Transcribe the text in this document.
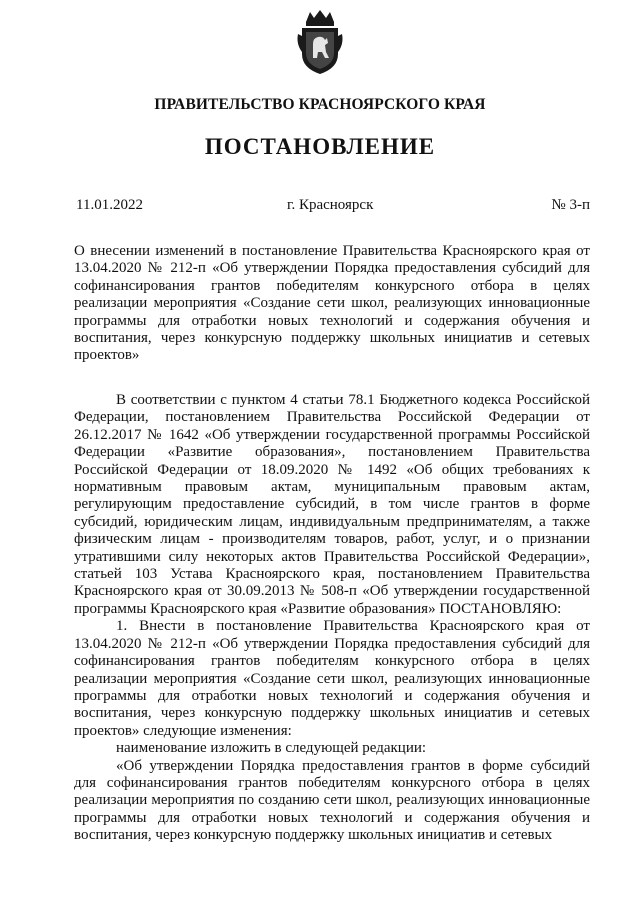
ПРАВИТЕЛЬСТВО КРАСНОЯРСКОГО КРАЯ
ПОСТАНОВЛЕНИЕ
11.01.2022	г. Красноярск	№ 3-п
О внесении изменений в постановление Правительства Красноярского края от 13.04.2020 № 212-п «Об утверждении Порядка предоставления субсидий для софинансирования грантов победителям конкурсного отбора в целях реализации мероприятия «Создание сети школ, реализующих инновационные программы для отработки новых технологий и содержания обучения и воспитания, через конкурсную поддержку школьных инициатив и сетевых проектов»

В соответствии с пунктом 4 статьи 78.1 Бюджетного кодекса Российской Федерации, постановлением Правительства Российской Федерации от 26.12.2017 № 1642 «Об утверждении государственной программы Российской Федерации «Развитие образования», постановлением Правительства Российской Федерации от 18.09.2020 № 1492 «Об общих требованиях к нормативным правовым актам, муниципальным правовым актам, регулирующим предоставление субсидий, в том числе грантов в форме субсидий, юридическим лицам, индивидуальным предпринимателям, а также физическим лицам - производителям товаров, работ, услуг, и о признании утратившими силу некоторых актов Правительства Российской Федерации», статьей 103 Устава Красноярского края, постановлением Правительства Красноярского края от 30.09.2013 № 508-п «Об утверждении государственной программы Красноярского края «Развитие образования» ПОСТАНОВЛЯЮ:

1. Внести в постановление Правительства Красноярского края от 13.04.2020 № 212-п «Об утверждении Порядка предоставления субсидий для софинансирования грантов победителям конкурсного отбора в целях реализации мероприятия «Создание сети школ, реализующих инновационные программы для отработки новых технологий и содержания обучения и воспитания, через конкурсную поддержку школьных инициатив и сетевых проектов» следующие изменения:

наименование изложить в следующей редакции:

«Об утверждении Порядка предоставления грантов в форме субсидий для софинансирования грантов победителям конкурсного отбора в целях реализации мероприятия по созданию сети школ, реализующих инновационные программы для отработки новых технологий и содержания обучения и воспитания, через конкурсную поддержку школьных инициатив и сетевых
